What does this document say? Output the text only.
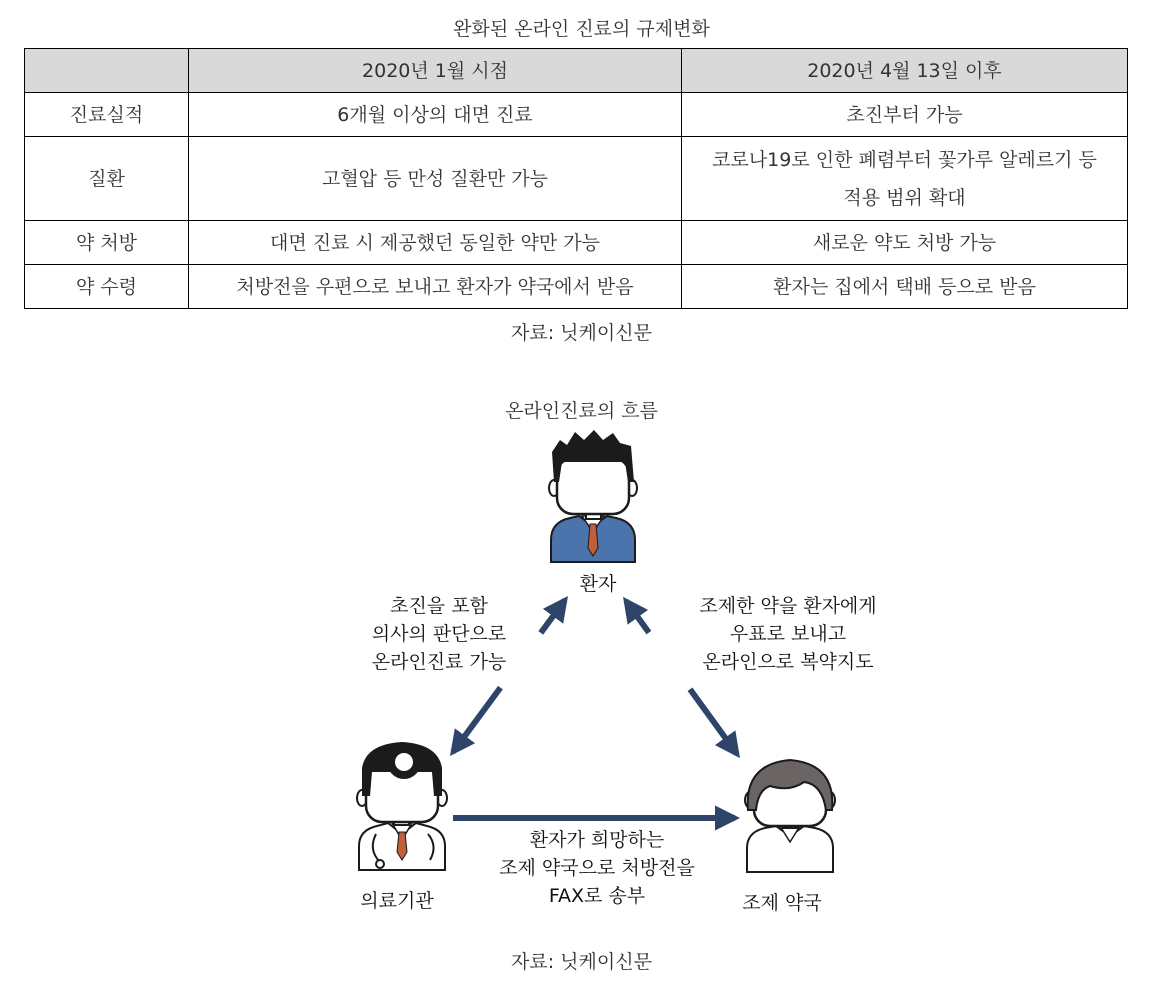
완화된 온라인 진료의 규제변화
	2020년 1월 시점	2020년 4월 13일 이후
진료실적	6개월 이상의 대면 진료	초진부터 가능
질환	고혈압 등 만성 질환만 가능	코로나19로 인한 폐렴부터 꽃가루 알레르기 등
적용 범위 확대

약 처방	대면 진료 시 제공했던 동일한 약만 가능	새로운 약도 처방 가능
약 수령	처방전을 우편으로 보내고 환자가 약국에서 받음	환자는 집에서 택배 등으로 받음
자료: 닛케이신문
온라인진료의 흐름
환자
의료기관	조제 약국
초진을 포함
의사의 판단으로
온라인진료 가능
조제한 약을 환자에게
우표로 보내고
온라인으로 복약지도
환자가 희망하는
조제 약국으로 처방전을
FAX로 송부
자료: 닛케이신문
